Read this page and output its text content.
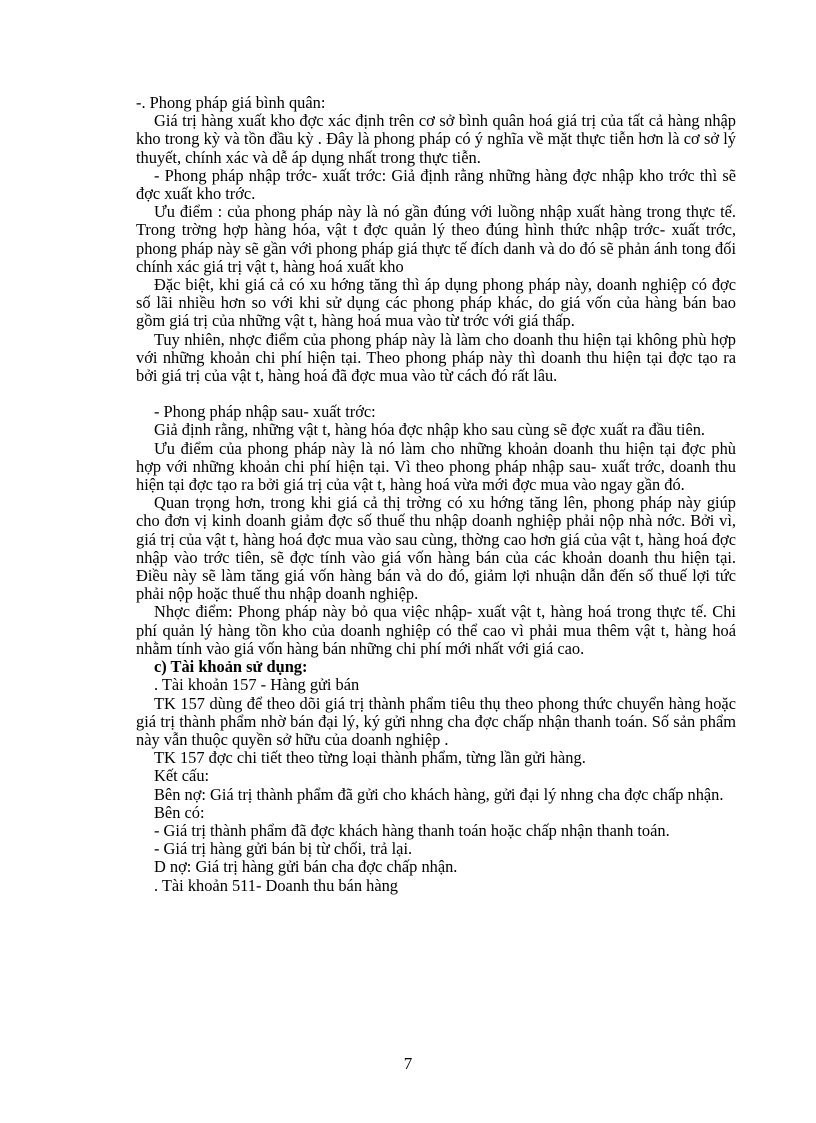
-. Phong pháp giá bình quân:

Giá trị hàng xuất kho đợc xác định trên cơ sở bình quân hoá giá trị của tất cả hàng nhập kho trong kỳ và tồn đầu kỳ . Đây là phong pháp có ý nghĩa về mặt thực tiễn hơn là cơ sở lý thuyết, chính xác và dễ áp dụng nhất trong thực tiễn.

- Phong pháp nhập trớc- xuất trớc: Giả định rằng những hàng đợc nhập kho trớc thì sẽ đợc xuất kho trớc.

Ưu điểm : của phong pháp này là nó gần đúng với luồng nhập xuất hàng trong thực tế. Trong trờng hợp hàng hóa, vật t đợc quản lý theo đúng hình thức nhập trớc- xuất trớc, phong pháp này sẽ gần với phong pháp giá thực tế đích danh và do đó sẽ phản ánh tong đối chính xác giá trị vật t, hàng hoá xuất kho

Đặc biệt, khi giá cả có xu hớng tăng thì áp dụng phong pháp này, doanh nghiệp có đợc số lãi nhiều hơn so với khi sử dụng các phong pháp khác, do giá vốn của hàng bán bao gồm giá trị của những vật t, hàng hoá mua vào từ trớc với giá thấp.

Tuy nhiên, nhợc điểm của phong pháp này là làm cho doanh thu hiện tại không phù hợp với những khoản chi phí hiện tại. Theo phong pháp này thì doanh thu hiện tại đợc tạo ra bởi giá trị của vật t, hàng hoá đã đợc mua vào từ cách đó rất lâu.

- Phong pháp nhập sau- xuất trớc:

Giả định rằng, những vật t, hàng hóa đợc nhập kho sau cùng sẽ đợc xuất ra đầu tiên.

Ưu điểm của phong pháp này là nó làm cho những khoản doanh thu hiện tại đợc phù hợp với những khoản chi phí hiện tại. Vì theo phong pháp nhập sau- xuất trớc, doanh thu hiện tại đợc tạo ra bởi giá trị của vật t, hàng hoá vừa mới đợc mua vào ngay gần đó.

Quan trọng hơn, trong khi giá cả thị trờng có xu hớng tăng lên, phong pháp này giúp cho đơn vị kinh doanh giảm đợc số thuế thu nhập doanh nghiệp phải nộp nhà nớc. Bởi vì, giá trị của vật t, hàng hoá đợc mua vào sau cùng, thờng cao hơn giá của vật t, hàng hoá đợc nhập vào trớc tiên, sẽ đợc tính vào giá vốn hàng bán của các khoản doanh thu hiện tại. Điều này sẽ làm tăng giá vốn hàng bán và do đó, giảm lợi nhuận dẫn đến số thuế lợi tức phải nộp hoặc thuế thu nhập doanh nghiệp.

Nhợc điểm: Phong pháp này bỏ qua việc nhập- xuất vật t, hàng hoá trong thực tế. Chi phí quản lý hàng tồn kho của doanh nghiệp có thể cao vì phải mua thêm vật t, hàng hoá nhằm tính vào giá vốn hàng bán những chi phí mới nhất với giá cao.

c) Tài khoản sử dụng:

. Tài khoản 157 - Hàng gửi bán

TK 157 dùng để theo dõi giá trị thành phẩm tiêu thụ theo phong thức chuyển hàng hoặc giá trị thành phẩm nhờ bán đại lý, ký gửi nhng cha đợc chấp nhận thanh toán. Số sản phẩm này vẫn thuộc quyền sở hữu của doanh nghiệp .

TK 157 đợc chi tiết theo từng loại thành phẩm, từng lần gửi hàng.

Kết cấu:

Bên nợ: Giá trị thành phẩm đã gửi cho khách hàng, gửi đại lý nhng cha đợc chấp nhận.

Bên có:

- Giá trị thành phẩm đã đợc khách hàng thanh toán hoặc chấp nhận thanh toán.

- Giá trị hàng gửi bán bị từ chối, trả lại.

D nợ: Giá trị hàng gửi bán cha đợc chấp nhận.

. Tài khoản 511- Doanh thu bán hàng

7
